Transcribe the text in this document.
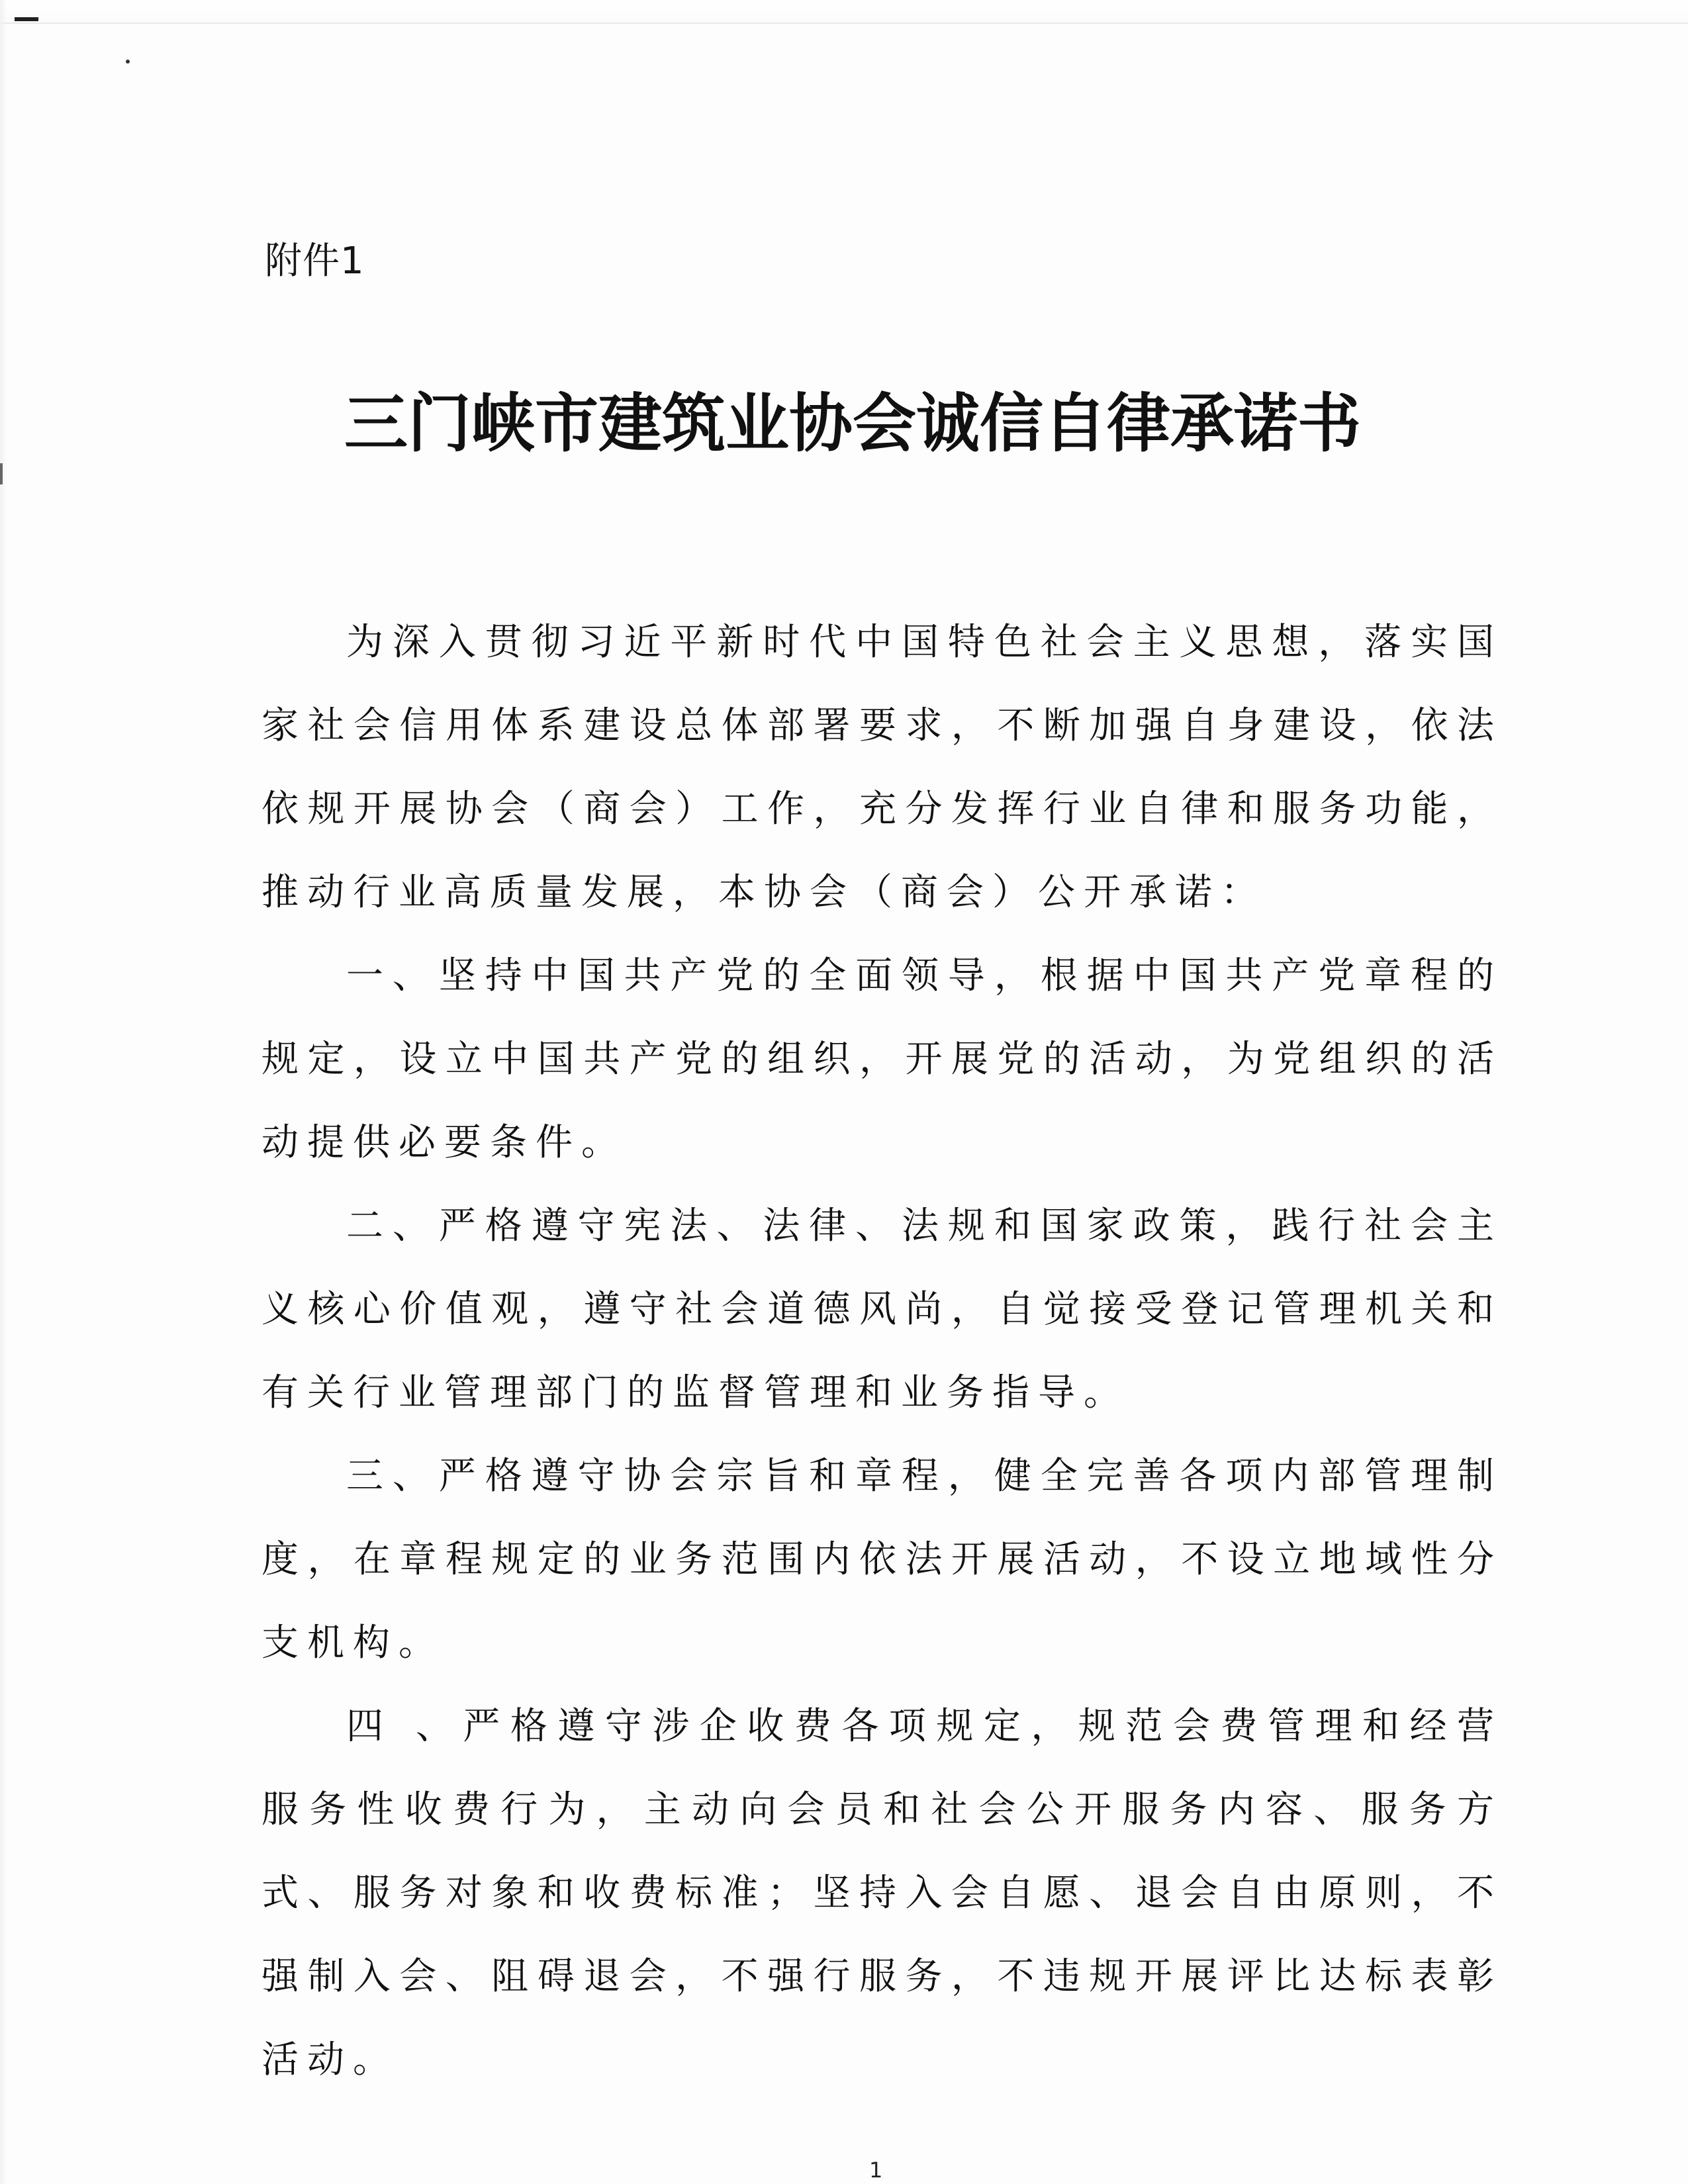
附件1
三门峡市建筑业协会诚信自律承诺书

为深入贯彻习近平新时代中国特色社会主义思想，落实国家社会信用体系建设总体部署要求，不断加强自身建设，依法依规开展协会（商会）工作，充分发挥行业自律和服务功能，推动行业高质量发展，本协会（商会）公开承诺：

一、坚持中国共产党的全面领导，根据中国共产党章程的规定，设立中国共产党的组织，开展党的活动，为党组织的活动提供必要条件。

二、严格遵守宪法、法律、法规和国家政策，践行社会主义核心价值观，遵守社会道德风尚，自觉接受登记管理机关和有关行业管理部门的监督管理和业务指导。

三、严格遵守协会宗旨和章程，健全完善各项内部管理制度，在章程规定的业务范围内依法开展活动，不设立地域性分支机构。

四 、严格遵守涉企收费各项规定，规范会费管理和经营服务性收费行为，主动向会员和社会公开服务内容、服务方式、服务对象和收费标准；坚持入会自愿、退会自由原则，不强制入会、阻碍退会，不强行服务，不违规开展评比达标表彰活动。

1
